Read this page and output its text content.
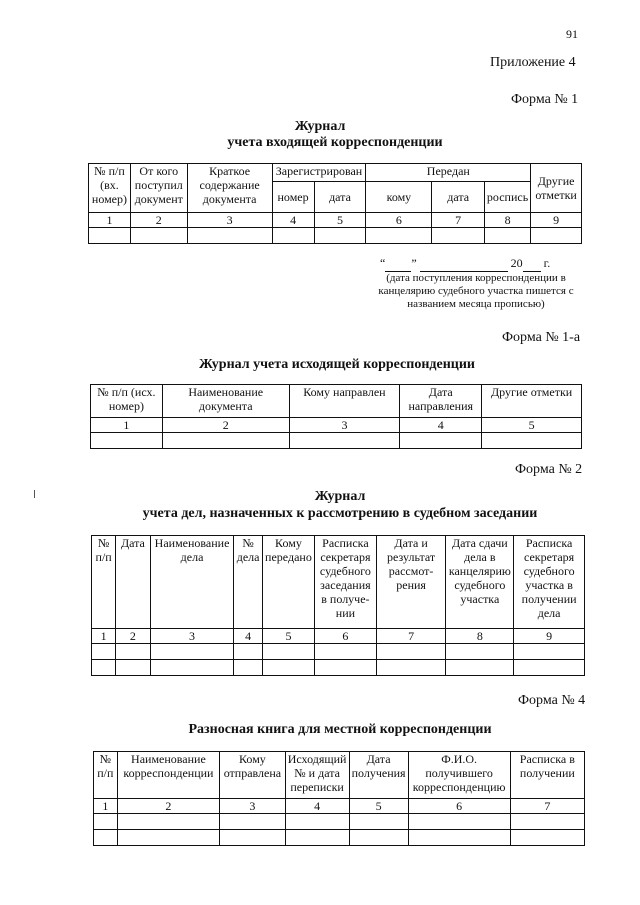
91
Приложение 4
Форма № 1
Журнал
учета входящей корреспонденции
№ п/п (вх. номер)	От кого поступил документ	Краткое содержание документа	Зарегистрирован		Передан			Другие отметки
			номер	дата	кому	дата	роспись	
1	2	3	4	5	6	7	8	9

“ ”	20 г.
(дата поступления корреспонденции в канцелярию судебного участка пишется с названием месяца прописью)
Форма № 1-а
Журнал учета исходящей корреспонденции
№ п/п (исх. номер)	Наименование документа	Кому направлен	Дата направления	Другие отметки
1	2	3	4	5

Форма № 2
Журнал
учета дел, назначенных к рассмотрению в судебном заседании
№ п/п	Дата	Наименование дела	№ дела	Кому передано	Расписка секретаря судебного заседания в получе- нии	Дата и результат рассмот- рения	Дата сдачи дела в канцелярию судебного участка	Расписка секретаря судебного участка в получении дела
1	2	3	4	5	6	7	8	9

Форма № 4
Разносная книга для местной корреспонденции
№ п/п	Наименование корреспонденции	Кому отправлена	Исходящий № и дата переписки	Дата получения	Ф.И.О. получившего корреспонденцию	Расписка в получении
1	2	3	4	5	6	7
